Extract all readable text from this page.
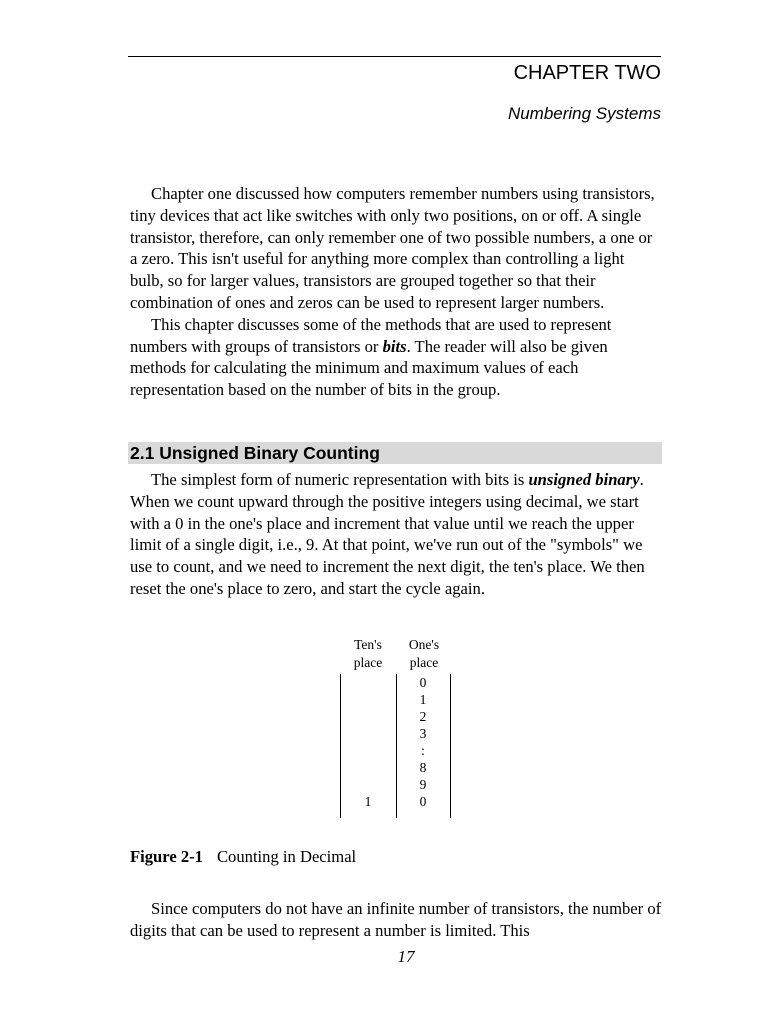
CHAPTER TWO
Numbering Systems

Chapter one discussed how computers remember numbers using transistors, tiny devices that act like switches with only two positions, on or off. A single transistor, therefore, can only remember one of two possible numbers, a one or a zero. This isn't useful for anything more complex than controlling a light bulb, so for larger values, transistors are grouped together so that their combination of ones and zeros can be used to represent larger numbers.

This chapter discusses some of the methods that are used to represent numbers with groups of transistors or bits. The reader will also be given methods for calculating the minimum and maximum values of each representation based on the number of bits in the group.

2.1 Unsigned Binary Counting

The simplest form of numeric representation with bits is unsigned binary. When we count upward through the positive integers using decimal, we start with a 0 in the one's place and increment that value until we reach the upper limit of a single digit, i.e., 9. At that point, we've run out of the "symbols" we use to count, and we need to increment the next digit, the ten's place. We then reset the one's place to zero, and start the cycle again.

Ten's
place
One's
place
1
0
1
2
3
:
8
9
0
Figure 2-1 Counting in Decimal

Since computers do not have an infinite number of transistors, the number of digits that can be used to represent a number is limited. This

17
